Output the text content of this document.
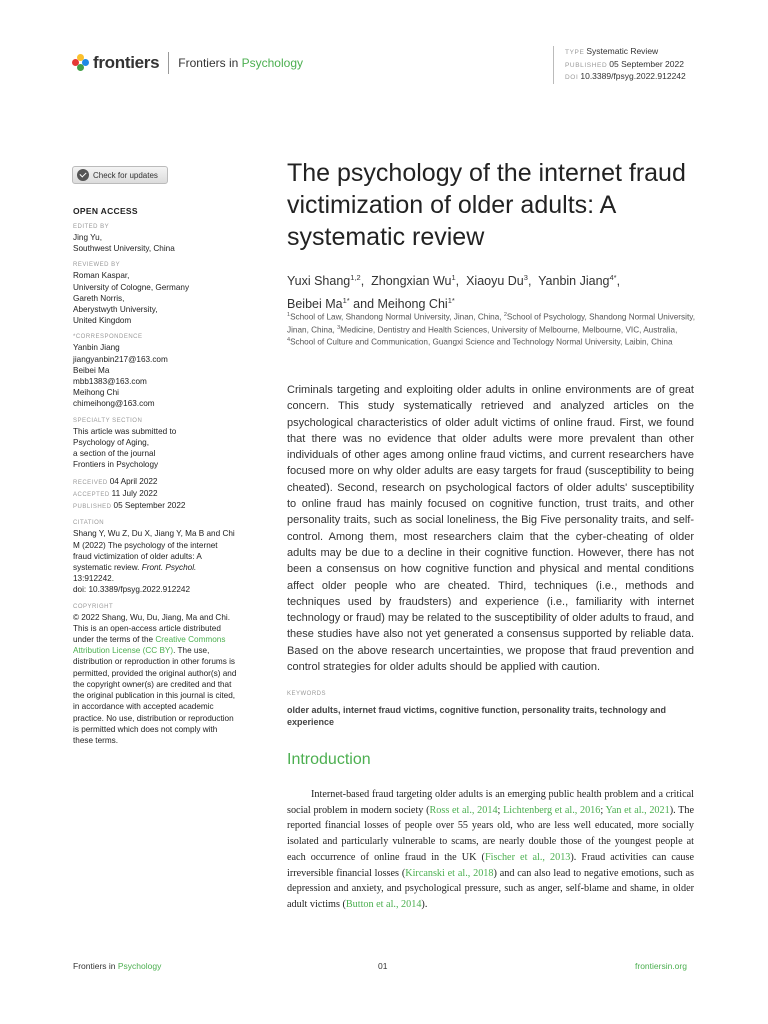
frontiers Frontiers in Psychology
TYPE Systematic Review
PUBLISHED 05 September 2022
DOI 10.3389/fpsyg.2022.912242
Check for updates
OPEN ACCESS
EDITED BY
Jing Yu,
Southwest University, China
REVIEWED BY
Roman Kaspar,
University of Cologne, Germany
Gareth Norris,
Aberystwyth University,
United Kingdom
*CORRESPONDENCE
Yanbin Jiang
jiangyanbin217@163.com
Beibei Ma
mbb1383@163.com
Meihong Chi
chimeihong@163.com
SPECIALTY SECTION
This article was submitted to
Psychology of Aging,
a section of the journal
Frontiers in Psychology
RECEIVED 04 April 2022
ACCEPTED 11 July 2022
PUBLISHED 05 September 2022
CITATION
Shang Y, Wu Z, Du X, Jiang Y, Ma B and Chi M (2022) The psychology of the internet fraud victimization of older adults: A systematic review. Front. Psychol. 13:912242.
doi: 10.3389/fpsyg.2022.912242
COPYRIGHT
© 2022 Shang, Wu, Du, Jiang, Ma and Chi. This is an open-access article distributed under the terms of the Creative Commons Attribution License (CC BY). The use, distribution or reproduction in other forums is permitted, provided the original author(s) and the copyright owner(s) are credited and that the original publication in this journal is cited, in accordance with accepted academic practice. No use, distribution or reproduction is permitted which does not comply with these terms.
The psychology of the internet fraud victimization of older adults: A systematic review
Yuxi Shang$^{1,2}$,  Zhongxian Wu$^1$,  Xiaoyu Du$^3$,  Yanbin Jiang$^{4*}$,
Beibei $Ma^{1*}$ and Meihong Chi$^{1*}$
$^1$School of Law, Shandong Normal University, Jinan, China, $^2$School of Psychology, Shandong Normal University, Jinan, China, $^3$Medicine, Dentistry and Health Sciences, University of Melbourne, Melbourne, VIC, Australia, $^4$School of Culture and Communication, Guangxi Science and Technology Normal University, Laibin, China
Criminals targeting and exploiting older adults in online environments are of great concern. This study systematically retrieved and analyzed articles on the psychological characteristics of older adult victims of online fraud. First, we found that there was no evidence that older adults were more prevalent than other individuals of other ages among online fraud victims, and current researchers have focused more on why older adults are easy targets for fraud (susceptibility to being cheated). Second, research on psychological factors of older adults' susceptibility to online fraud has mainly focused on cognitive function, trust traits, and other personality traits, such as social loneliness, the Big Five personality traits, and self-control. Among them, most researchers claim that the cyber-cheating of older adults may be due to a decline in their cognitive function. However, there has not been a consensus on how cognitive function and physical and mental conditions affect older people who are cheated. Third, techniques (i.e., methods and techniques used by fraudsters) and experience (i.e., familiarity with internet technology or fraud) may be related to the susceptibility of older adults to fraud, and these studies have also not yet generated a consensus supported by reliable data. Based on the above research uncertainties, we propose that fraud prevention and control strategies for older adults should be applied with caution.
KEYWORDS
older adults, internet fraud victims, cognitive function, personality traits, technology and experience
Introduction
Internet-based fraud targeting older adults is an emerging public health problem and a critical social problem in modern society (Ross et al., 2014; Lichtenberg et al., 2016; Yan et al., 2021). The reported financial losses of people over 55 years old, who are less well educated, more socially isolated and particularly vulnerable to scams, are nearly double those of the youngest people at each occurrence of online fraud in the UK (Fischer et al., 2013). Fraud activities can cause irreversible financial losses (Kircanski et al., 2018) and can also lead to negative emotions, such as depression and anxiety, and psychological pressure, such as anger, self-blame and shame, in older adult victims (Button et al., 2014).
Frontiers in Psychology	01	frontiersin.org
